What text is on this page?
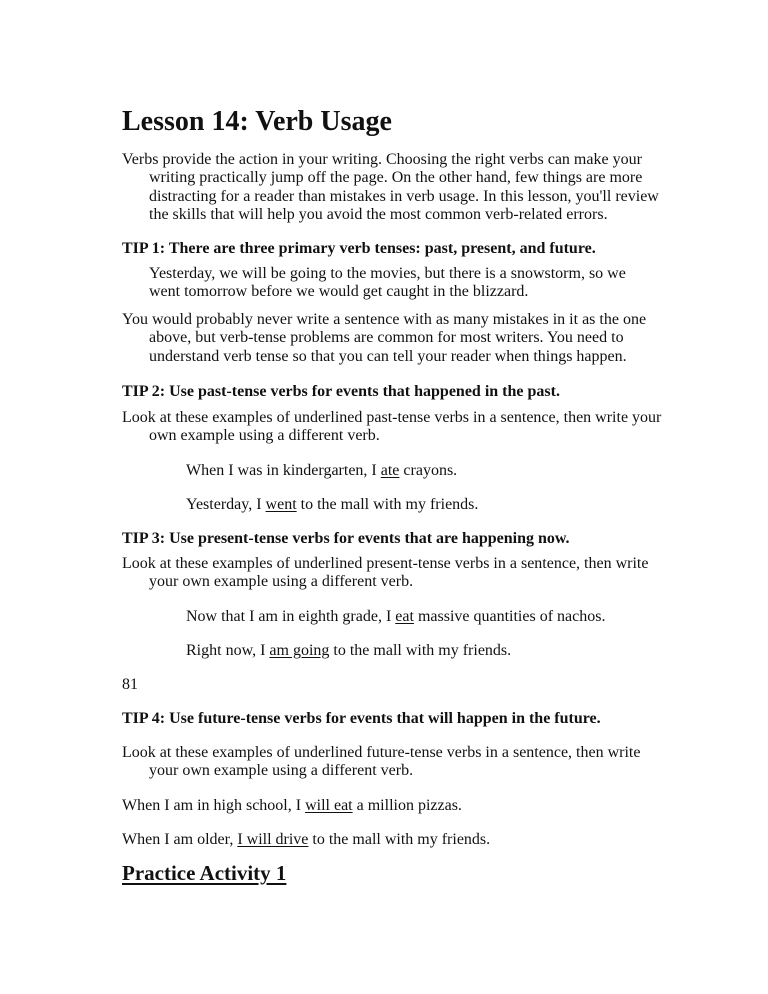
Lesson 14: Verb Usage

Verbs provide the action in your writing. Choosing the right verbs can make your writing practically jump off the page. On the other hand, few things are more distracting for a reader than mistakes in verb usage. In this lesson, you'll review the skills that will help you avoid the most common verb-related errors.

TIP 1: There are three primary verb tenses: past, present, and future.

Yesterday, we will be going to the movies, but there is a snowstorm, so we went tomorrow before we would get caught in the blizzard.

You would probably never write a sentence with as many mistakes in it as the one above, but verb-tense problems are common for most writers. You need to understand verb tense so that you can tell your reader when things happen.

TIP 2: Use past-tense verbs for events that happened in the past.

Look at these examples of underlined past-tense verbs in a sentence, then write your own example using a different verb.

When I was in kindergarten, I ate crayons.

Yesterday, I went to the mall with my friends.

TIP 3: Use present-tense verbs for events that are happening now.

Look at these examples of underlined present-tense verbs in a sentence, then write your own example using a different verb.

Now that I am in eighth grade, I eat massive quantities of nachos.

Right now, I am going to the mall with my friends.

81

TIP 4: Use future-tense verbs for events that will happen in the future.

Look at these examples of underlined future-tense verbs in a sentence, then write your own example using a different verb.

When I am in high school, I will eat a million pizzas.

When I am older, I will drive to the mall with my friends.

Practice Activity 1
